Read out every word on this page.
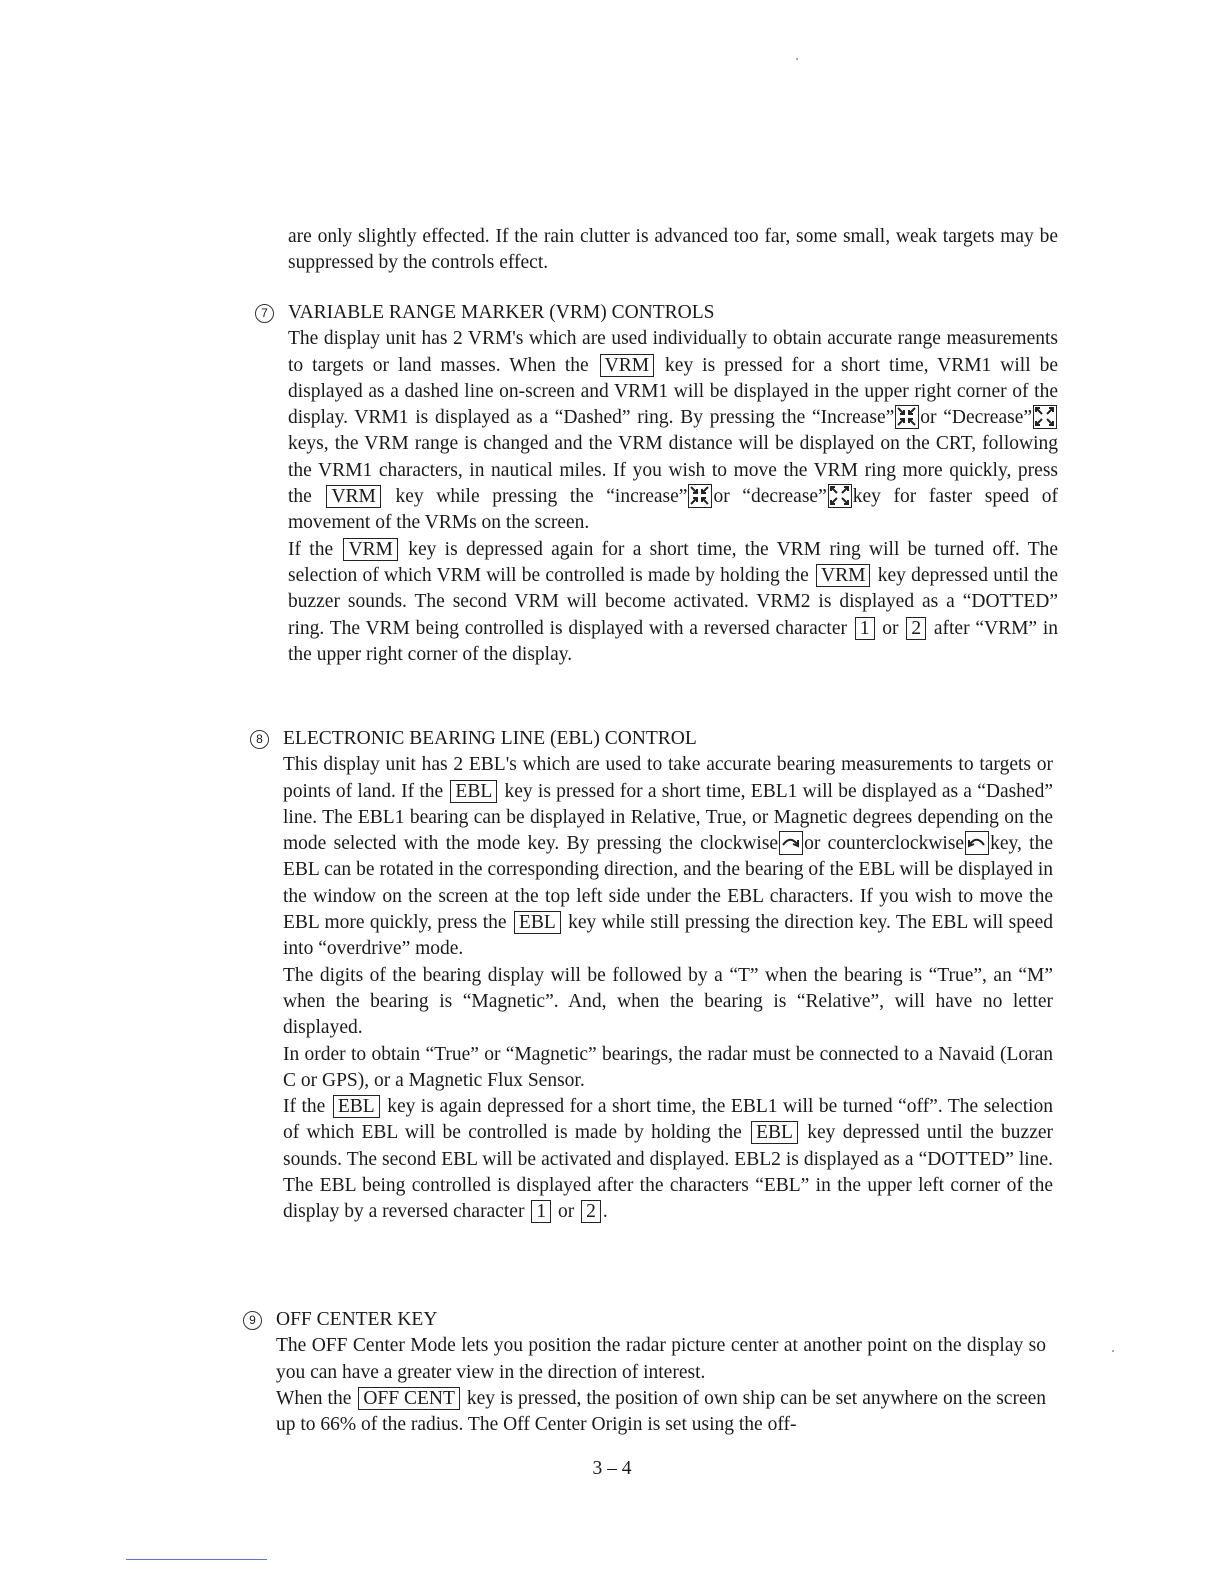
are only slightly effected. If the rain clutter is advanced too far, some small, weak targets may be suppressed by the controls effect.

7	VARIABLE RANGE MARKER (VRM) CONTROLS

The display unit has 2 VRM's which are used individually to obtain accurate range measurements to targets or land masses. When the VRM key is pressed for a short time, VRM1 will be displayed as a dashed line on-screen and VRM1 will be displayed in the upper right corner of the display. VRM1 is displayed as a “Dashed” ring. By pressing the “Increase” or “Decrease”
keys, the VRM range is changed and the VRM distance will be displayed on the CRT, following the VRM1 characters, in nautical miles. If you wish to move the VRM ring more quickly, press the VRM key while pressing the “increase” or “decrease” key for faster speed of movement of the VRMs on the screen.

If the VRM key is depressed again for a short time, the VRM ring will be turned off. The selection of which VRM will be controlled is made by holding the VRM key depressed until the buzzer sounds. The second VRM will become activated. VRM2 is displayed as a “DOTTED” ring. The VRM being controlled is displayed with a reversed character 1 or 2 after “VRM” in the upper right corner of the display.

8	ELECTRONIC BEARING LINE (EBL) CONTROL

This display unit has 2 EBL's which are used to take accurate bearing measurements to targets or points of land. If the EBL key is pressed for a short time, EBL1 will be displayed as a “Dashed” line. The EBL1 bearing can be displayed in Relative, True, or Magnetic degrees depending on the mode selected with the mode key. By pressing the clockwise or counterclockwise key, the EBL can be rotated in the corresponding direction, and the bearing of the EBL will be displayed in the window on the screen at the top left side under the EBL characters. If you wish to move the EBL more quickly, press the EBL key while still pressing the direction key. The EBL will speed into “overdrive” mode.

The digits of the bearing display will be followed by a “T” when the bearing is “True”, an “M” when the bearing is “Magnetic”. And, when the bearing is “Relative”, will have no letter displayed.

In order to obtain “True” or “Magnetic” bearings, the radar must be connected to a Navaid (Loran C or GPS), or a Magnetic Flux Sensor.

If the EBL key is again depressed for a short time, the EBL1 will be turned “off”. The selection of which EBL will be controlled is made by holding the EBL key depressed until the buzzer sounds. The second EBL will be activated and displayed. EBL2 is displayed as a “DOTTED” line. The EBL being controlled is displayed after the characters “EBL” in the upper left corner of the display by a reversed character 1 or 2 .

9	OFF CENTER KEY

The OFF Center Mode lets you position the radar picture center at another point on the display so you can have a greater view in the direction of interest.

When the OFF CENT key is pressed, the position of own ship can be set anywhere on the screen up to 66% of the radius. The Off Center Origin is set using the off-

3 – 4
